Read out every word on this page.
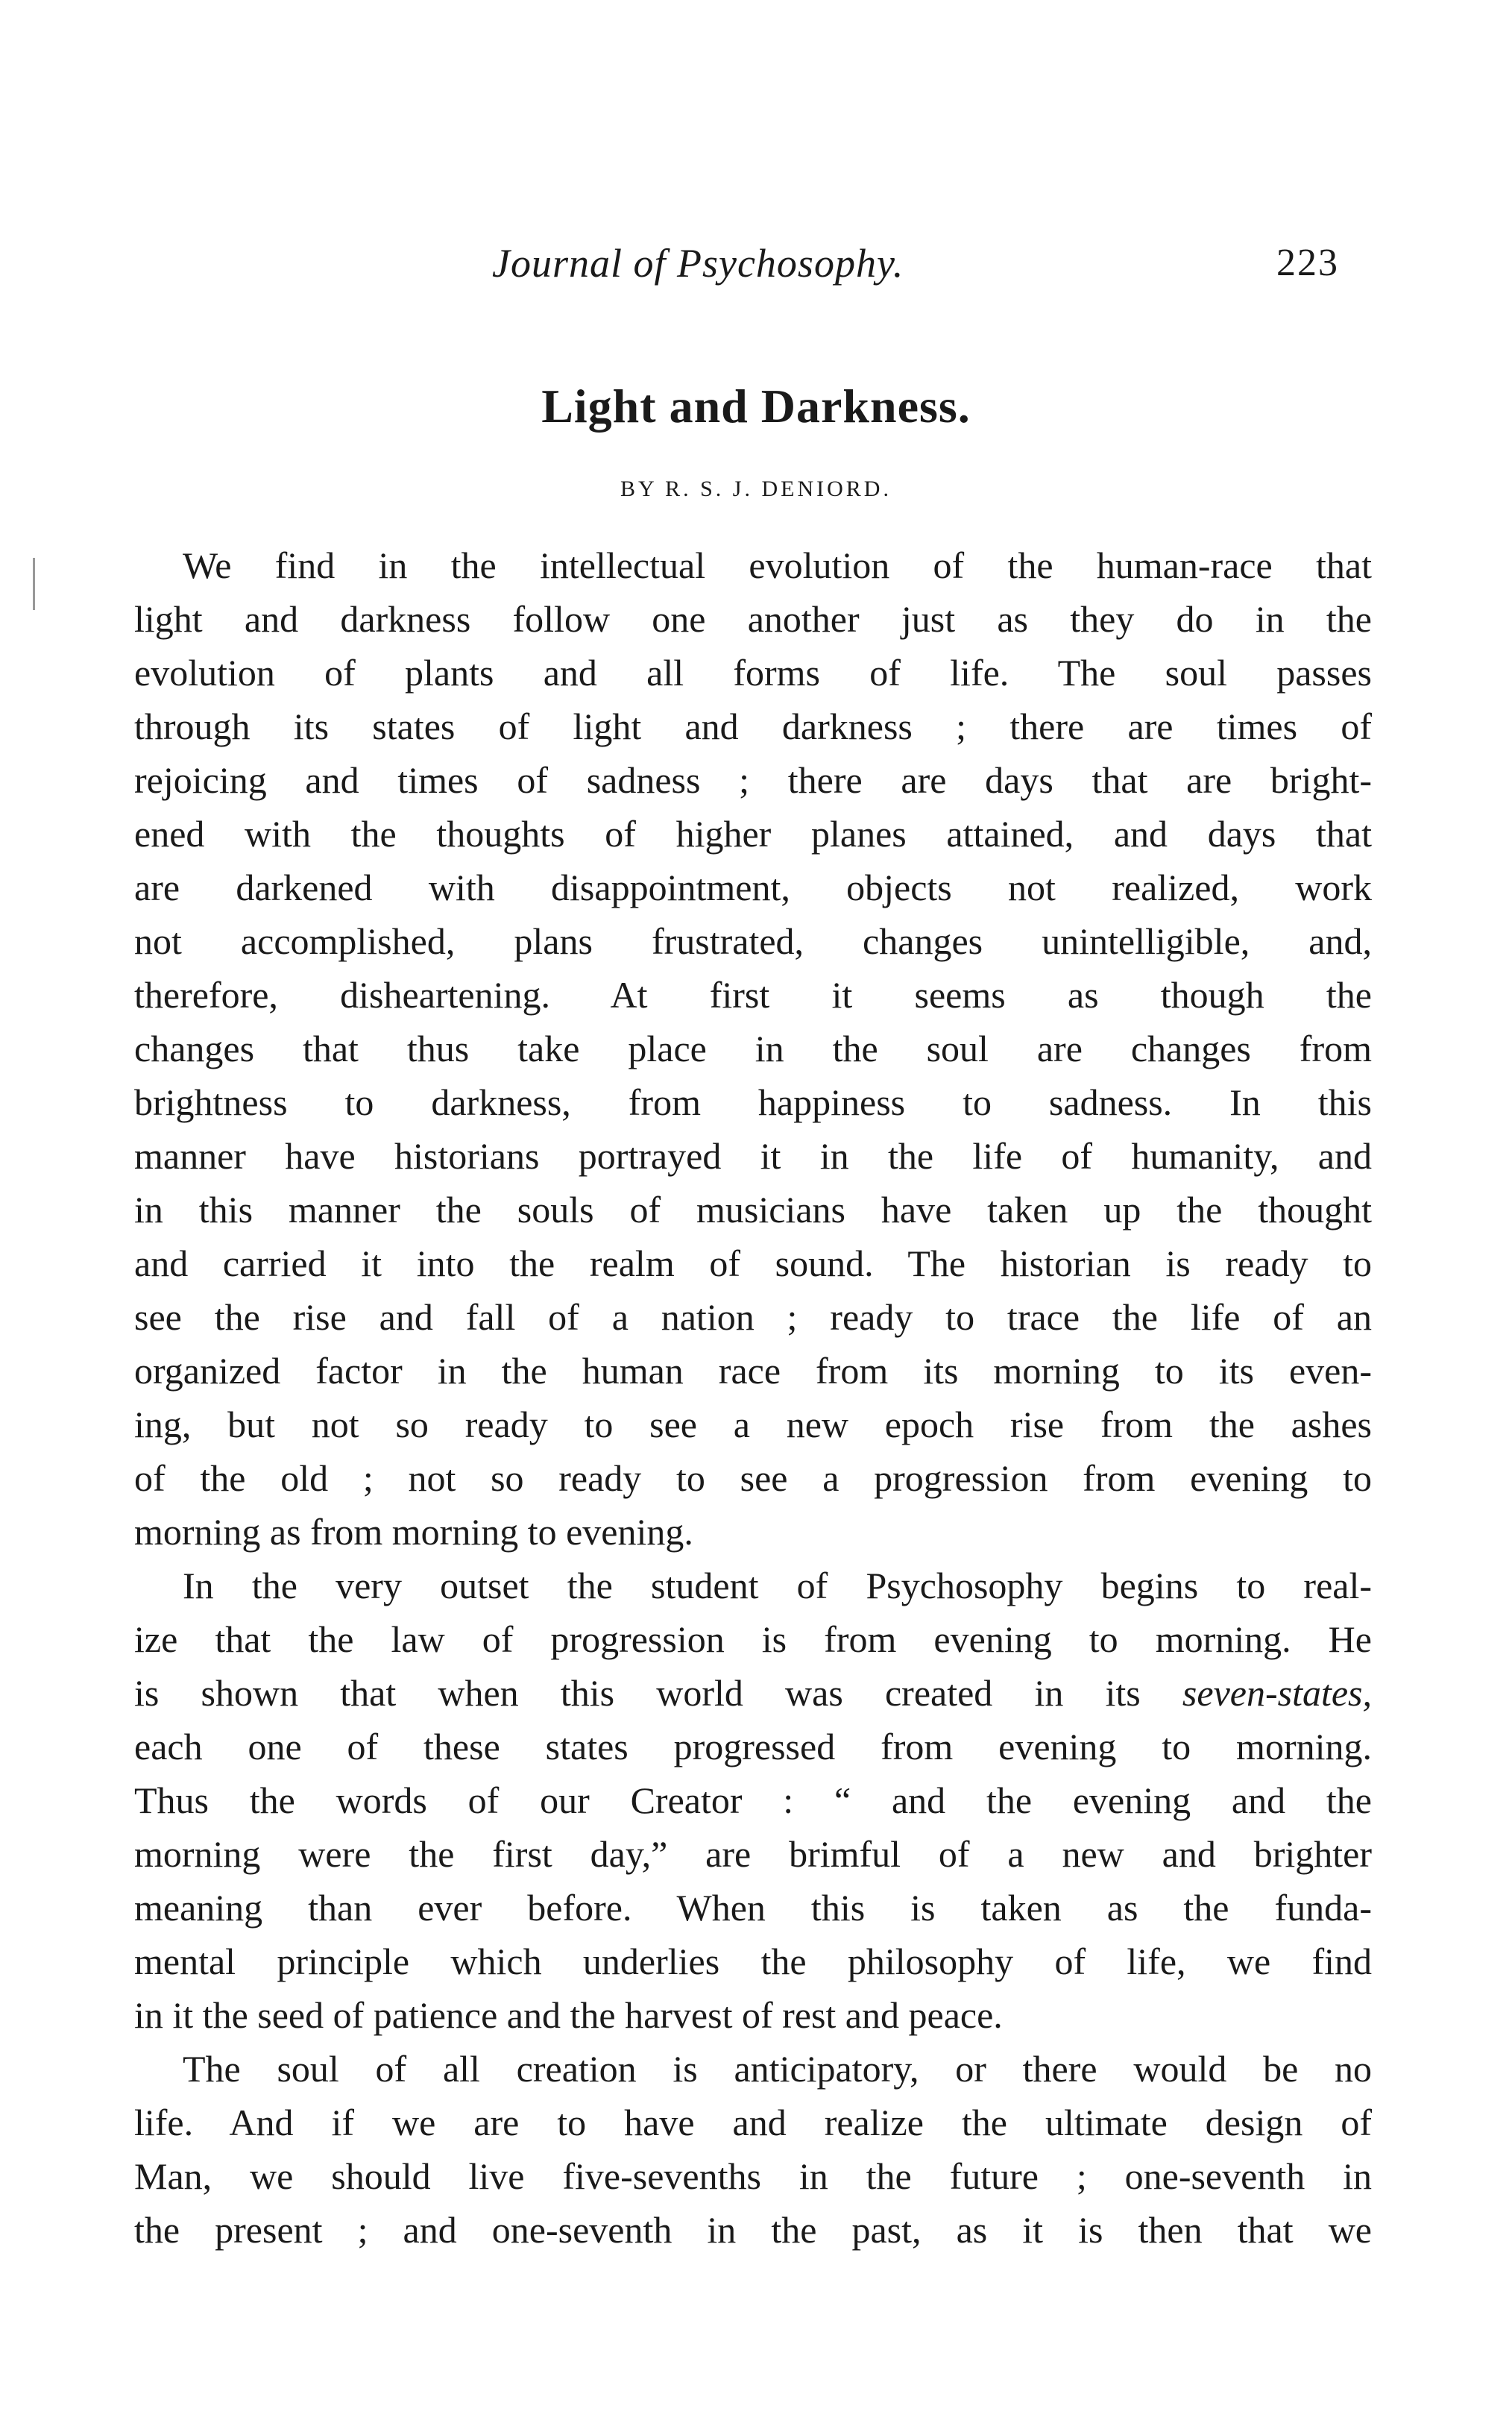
Journal of Psychosophy.	223
Light and Darkness.
BY R. S. J. DENIORD.
We find in the intellectual evolution of the human-race that
light and darkness follow one another just as they do in the
evolution of plants and all forms of life. The soul passes
through its states of light and darkness ; there are times of
rejoicing and times of sadness ; there are days that are bright-
ened with the thoughts of higher planes attained, and days that
are darkened with disappointment, objects not realized, work
not accomplished, plans frustrated, changes unintelligible, and,
therefore, disheartening. At first it seems as though the
changes that thus take place in the soul are changes from
brightness to darkness, from happiness to sadness. In this
manner have historians portrayed it in the life of humanity, and
in this manner the souls of musicians have taken up the thought
and carried it into the realm of sound. The historian is ready to
see the rise and fall of a nation ; ready to trace the life of an
organized factor in the human race from its morning to its even-
ing, but not so ready to see a new epoch rise from the ashes
of the old ; not so ready to see a progression from evening to
morning as from morning to evening.
In the very outset the student of Psychosophy begins to real-
ize that the law of progression is from evening to morning. He
is shown that when this world was created in its seven-states,
each one of these states progressed from evening to morning.
Thus the words of our Creator : “ and the evening and the
morning were the first day,” are brimful of a new and brighter
meaning than ever before. When this is taken as the funda-
mental principle which underlies the philosophy of life, we find
in it the seed of patience and the harvest of rest and peace.
The soul of all creation is anticipatory, or there would be no
life. And if we are to have and realize the ultimate design of
Man, we should live five-sevenths in the future ; one-seventh in
the present ; and one-seventh in the past, as it is then that we
